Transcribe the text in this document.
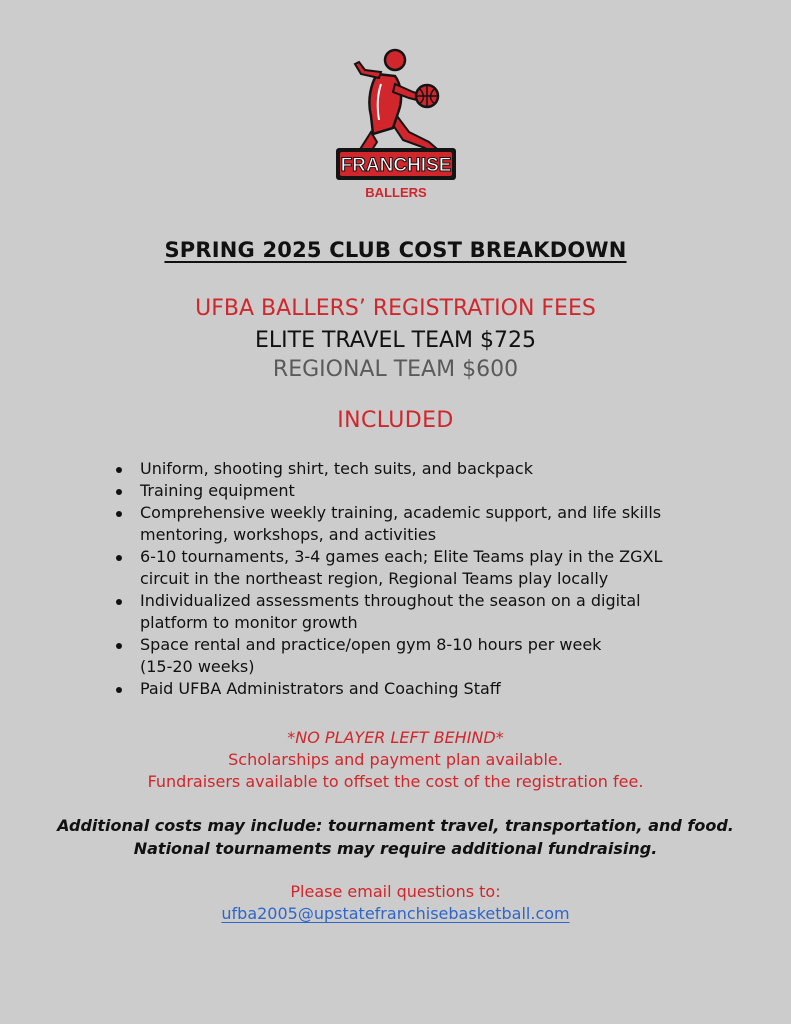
FRANCHISE
BALLERS
SPRING 2025 CLUB COST BREAKDOWN
UFBA BALLERS’ REGISTRATION FEES
ELITE TRAVEL TEAM $725
REGIONAL TEAM $600
INCLUDED
Uniform, shooting shirt, tech suits, and backpack
Training equipment
Comprehensive weekly training, academic support, and life skills
mentoring, workshops, and activities
6-10 tournaments, 3-4 games each; Elite Teams play in the ZGXL
circuit in the northeast region, Regional Teams play locally
Individualized assessments throughout the season on a digital
platform to monitor growth
Space rental and practice/open gym 8-10 hours per week
(15-20 weeks)
Paid UFBA Administrators and Coaching Staff
*NO PLAYER LEFT BEHIND*
Scholarships and payment plan available.
Fundraisers available to offset the cost of the registration fee.
Additional costs may include: tournament travel, transportation, and food.
National tournaments may require additional fundraising.
Please email questions to:
ufba2005@upstatefranchisebasketball.com
